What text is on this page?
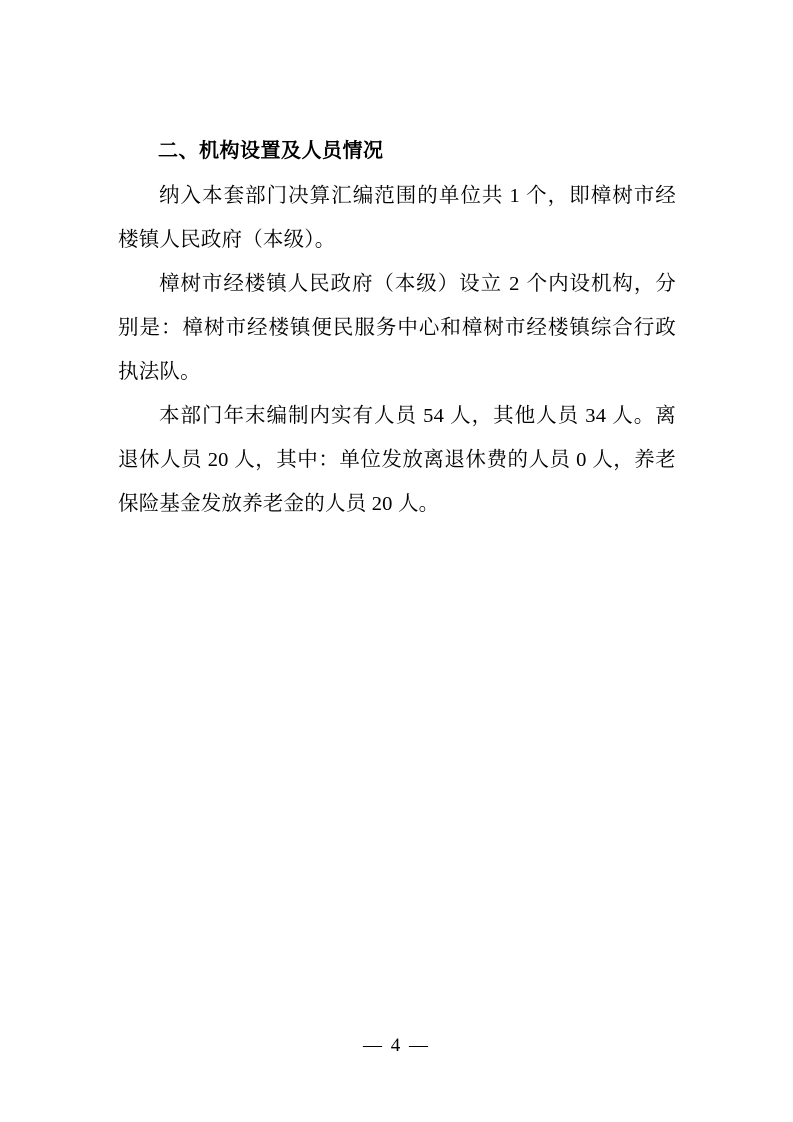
二、机构设置及人员情况

纳入本套部门决算汇编范围的单位共 1 个，即樟树市经楼镇人民政府（本级）。

樟树市经楼镇人民政府（本级）设立 2 个内设机构，分别是：樟树市经楼镇便民服务中心和樟树市经楼镇综合行政执法队。

本部门年末编制内实有人员 54 人，其他人员 34 人。离退休人员 20 人，其中：单位发放离退休费的人员 0 人，养老保险基金发放养老金的人员 20 人。

— 4 —
